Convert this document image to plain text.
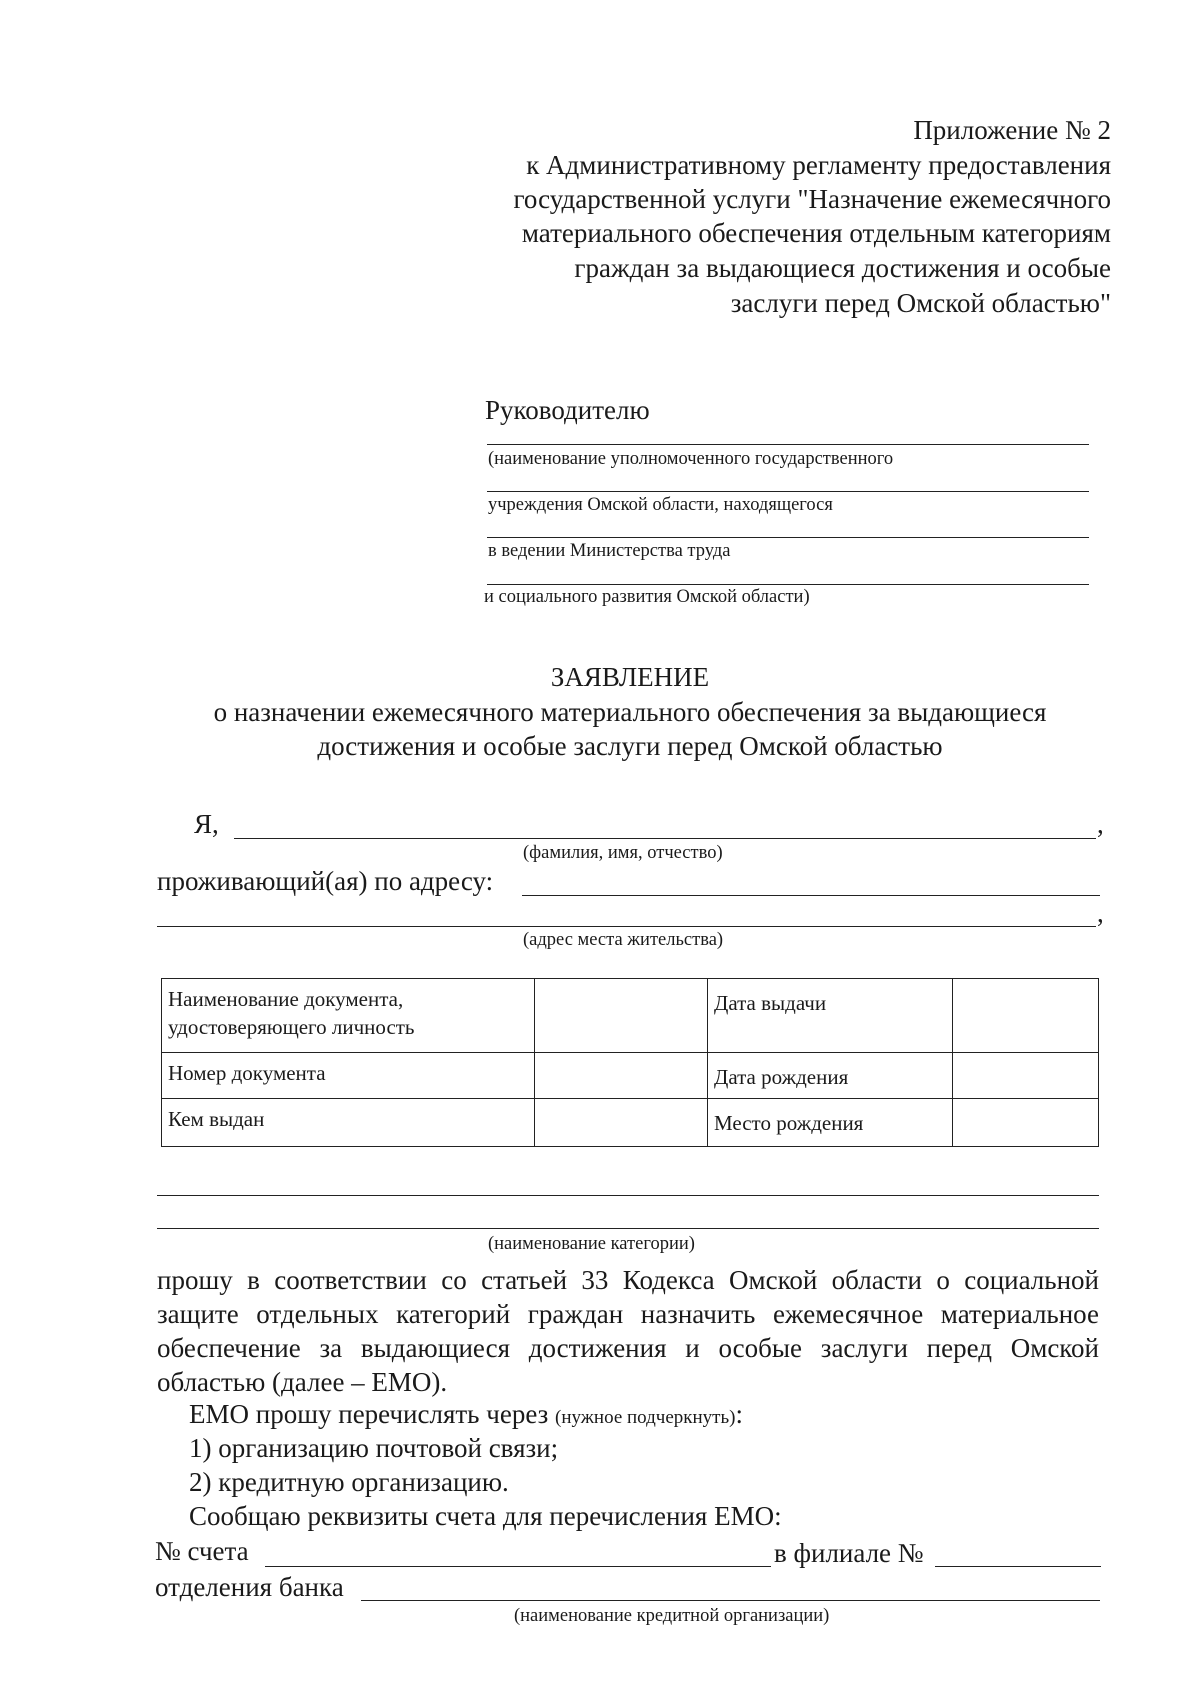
Приложение № 2
к Административному регламенту предоставления
государственной услуги "Назначение ежемесячного
материального обеспечения отдельным категориям
граждан за выдающиеся достижения и особые
заслуги перед Омской областью"
Руководителю
(наименование уполномоченного государственного
учреждения Омской области, находящегося
в ведении Министерства труда
и социального развития Омской области)
ЗАЯВЛЕНИЕ
о назначении ежемесячного материального обеспечения за выдающиеся
достижения и особые заслуги перед Омской областью
Я,	,
(фамилия, имя, отчество)
проживающий(ая) по адресу:
,
(адрес места жительства)
Наименование документа, удостоверяющего личность		Дата выдачи	
Номер документа		Дата рождения	
Кем выдан		Место рождения	
(наименование категории)
прошу в соответствии со статьей 33 Кодекса Омской области о социальной
защите отдельных категорий граждан назначить ежемесячное материальное
обеспечение за выдающиеся достижения и особые заслуги перед Омской
областью (далее – ЕМО).
ЕМО прошу перечислять через (нужное подчеркнуть):
1) организацию почтовой связи;
2) кредитную организацию.
Сообщаю реквизиты счета для перечисления ЕМО:
№ счета	в филиале №
отделения банка
(наименование кредитной организации)
